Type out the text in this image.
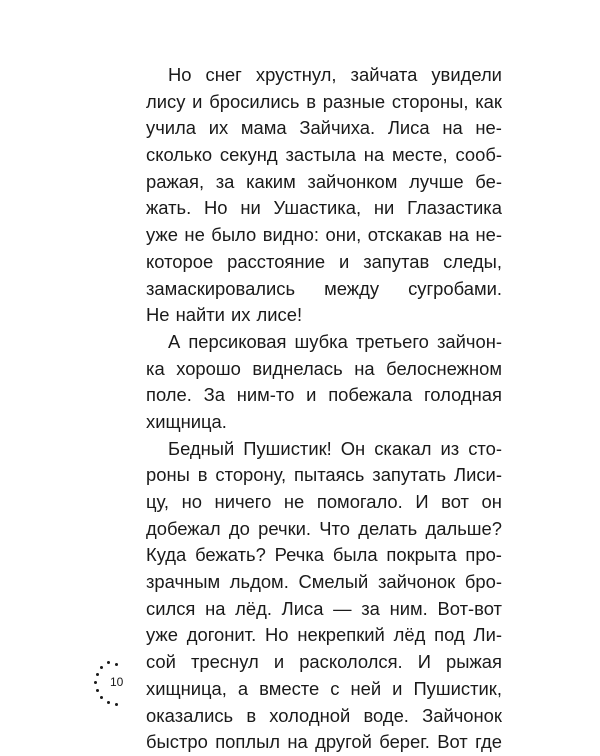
Но снег хрустнул, зайчата увидели
лису и бросились в разные стороны, как
учила их мама Зайчиха. Лиса на не-
сколько секунд застыла на месте, сооб-
ражая, за каким зайчонком лучше бе-
жать. Но ни Ушастика, ни Глазастика
уже не было видно: они, отскакав на не-
которое расстояние и запутав следы,
замаскировались между сугробами.
Не найти их лисе!
А персиковая шубка третьего зайчон-
ка хорошо виднелась на белоснежном
поле. За ним-то и побежала голодная
хищница.
Бедный Пушистик! Он скакал из сто-
роны в сторону, пытаясь запутать Лиси-
цу, но ничего не помогало. И вот он
добежал до речки. Что делать дальше?
Куда бежать? Речка была покрыта про-
зрачным льдом. Смелый зайчонок бро-
сился на лёд. Лиса — за ним. Вот-вот
уже догонит. Но некрепкий лёд под Ли-
сой треснул и раскололся. И рыжая
хищница, а вместе с ней и Пушистик,
оказались в холодной воде. Зайчонок
быстро поплыл на другой берег. Вот где
10
